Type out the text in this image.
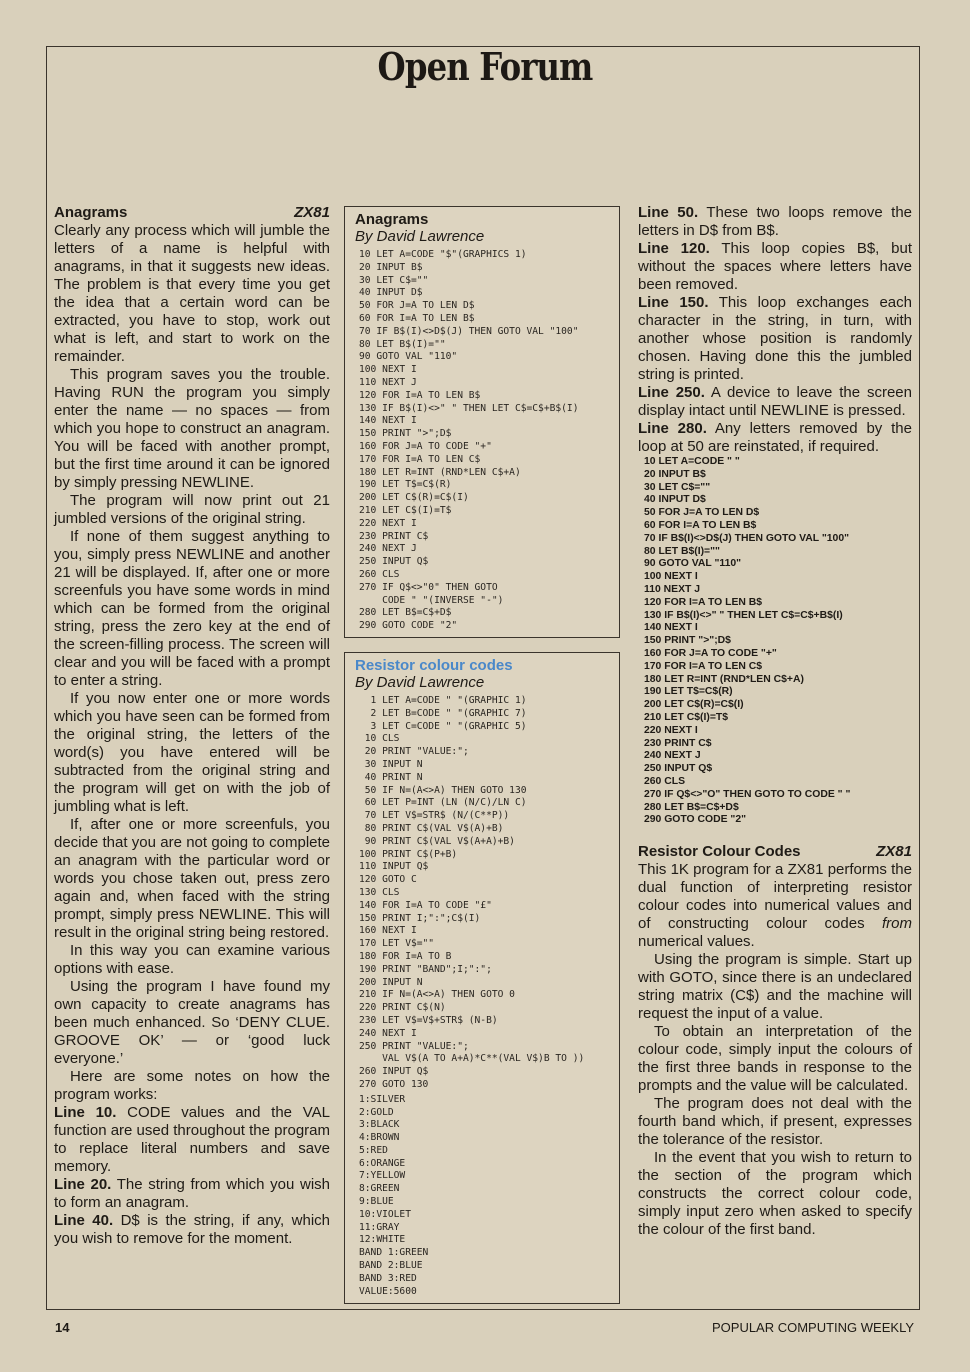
Open Forum
Anagrams	ZX81

Clearly any process which will jumble the letters of a name is helpful with anagrams, in that it suggests new ideas. The problem is that every time you get the idea that a certain word can be extracted, you have to stop, work out what is left, and start to work on the remainder.

This program saves you the trouble. Having RUN the program you simply enter the name — no spaces — from which you hope to construct an anagram. You will be faced with another prompt, but the first time around it can be ignored by simply pressing NEWLINE.

The program will now print out 21 jumbled versions of the original string.

If none of them suggest anything to you, simply press NEWLINE and another 21 will be displayed. If, after one or more screenfuls you have some words in mind which can be formed from the original string, press the zero key at the end of the screen-filling process. The screen will clear and you will be faced with a prompt to enter a string.

If you now enter one or more words which you have seen can be formed from the original string, the letters of the word(s) you have entered will be subtracted from the original string and the program will get on with the job of jumbling what is left.

If, after one or more screenfuls, you decide that you are not going to complete an anagram with the particular word or words you chose taken out, press zero again and, when faced with the string prompt, simply press NEWLINE. This will result in the original string being restored.

In this way you can examine various options with ease.

Using the program I have found my own capacity to create anagrams has been much enhanced. So ‘DENY CLUE. GROOVE OK’ — or ‘good luck everyone.’

Here are some notes on how the program works:

Line 10. CODE values and the VAL function are used throughout the program to replace literal numbers and save memory.

Line 20. The string from which you wish to form an anagram.

Line 40. D$ is the string, if any, which you wish to remove for the moment.

Anagrams
By David Lawrence
10 LET A=CODE "$"(GRAPHICS 1)
20 INPUT B$
30 LET C$=""
40 INPUT D$
50 FOR J=A TO LEN D$
60 FOR I=A TO LEN B$
70 IF B$(I)<>D$(J) THEN GOTO VAL "100"
80 LET B$(I)=""
90 GOTO VAL "110"
100 NEXT I
110 NEXT J
120 FOR I=A TO LEN B$
130 IF B$(I)<>" " THEN LET C$=C$+B$(I)
140 NEXT I
150 PRINT ">";D$
160 FOR J=A TO CODE "+"
170 FOR I=A TO LEN C$
180 LET R=INT (RND*LEN C$+A)
190 LET T$=C$(R)
200 LET C$(R)=C$(I)
210 LET C$(I)=T$
220 NEXT I
230 PRINT C$
240 NEXT J
250 INPUT Q$
260 CLS
270 IF Q$<>"0" THEN GOTO
CODE " "(INVERSE "-")
280 LET B$=C$+D$
290 GOTO CODE "2"
Resistor colour codes
By David Lawrence
1 LET A=CODE " "(GRAPHIC 1)
2 LET B=CODE " "(GRAPHIC 7)
3 LET C=CODE " "(GRAPHIC 5)
10 CLS
20 PRINT "VALUE:";
30 INPUT N
40 PRINT N
50 IF N=(A<>A) THEN GOTO 130
60 LET P=INT (LN (N/C)/LN C)
70 LET V$=STR$ (N/(C**P))
80 PRINT C$(VAL V$(A)+B)
90 PRINT C$(VAL V$(A+A)+B)
100 PRINT C$(P+B)
110 INPUT Q$
120 GOTO C
130 CLS
140 FOR I=A TO CODE "£"
150 PRINT I;":";C$(I)
160 NEXT I
170 LET V$=""
180 FOR I=A TO B
190 PRINT "BAND";I;":";
200 INPUT N
210 IF N=(A<>A) THEN GOTO 0
220 PRINT C$(N)
230 LET V$=V$+STR$ (N-B)
240 NEXT I
250 PRINT "VALUE:";
VAL V$(A TO A+A)*C**(VAL V$)B TO ))
260 INPUT Q$
270 GOTO 130
1:SILVER
2:GOLD
3:BLACK
4:BROWN
5:RED
6:ORANGE
7:YELLOW
8:GREEN
9:BLUE
10:VIOLET
11:GRAY
12:WHITE
BAND 1:GREEN
BAND 2:BLUE
BAND 3:RED
VALUE:5600

Line 50. These two loops remove the letters in D$ from B$.

Line 120. This loop copies B$, but without the spaces where letters have been removed.

Line 150. This loop exchanges each character in the string, in turn, with another whose position is randomly chosen. Having done this the jumbled string is printed.

Line 250. A device to leave the screen display intact until NEWLINE is pressed.

Line 280. Any letters removed by the loop at 50 are reinstated, if required.

10 LET A=CODE " "
20 INPUT B$
30 LET C$=""
40 INPUT D$
50 FOR J=A TO LEN D$
60 FOR I=A TO LEN B$
70 IF B$(I)<>D$(J) THEN GOTO VAL "100"
80 LET B$(I)=""
90 GOTO VAL "110"
100 NEXT I
110 NEXT J
120 FOR I=A TO LEN B$
130 IF B$(I)<>" " THEN LET C$=C$+B$(I)
140 NEXT I
150 PRINT ">";D$
160 FOR J=A TO CODE "+"
170 FOR I=A TO LEN C$
180 LET R=INT (RND*LEN C$+A)
190 LET T$=C$(R)
200 LET C$(R)=C$(I)
210 LET C$(I)=T$
220 NEXT I
230 PRINT C$
240 NEXT J
250 INPUT Q$
260 CLS
270 IF Q$<>"O" THEN GOTO TO CODE " "
280 LET B$=C$+D$
290 GOTO CODE "2"
Resistor Colour Codes	ZX81

This 1K program for a ZX81 performs the dual function of interpreting resistor colour codes into numerical values and of constructing colour codes from numerical values.

Using the program is simple. Start up with GOTO, since there is an undeclared string matrix (C$) and the machine will request the input of a value.

To obtain an interpretation of the colour code, simply input the colours of the first three bands in response to the prompts and the value will be calculated.

The program does not deal with the fourth band which, if present, expresses the tolerance of the resistor.

In the event that you wish to return to the section of the program which constructs the correct colour code, simply input zero when asked to specify the colour of the first band.

14	POPULAR COMPUTING WEEKLY
